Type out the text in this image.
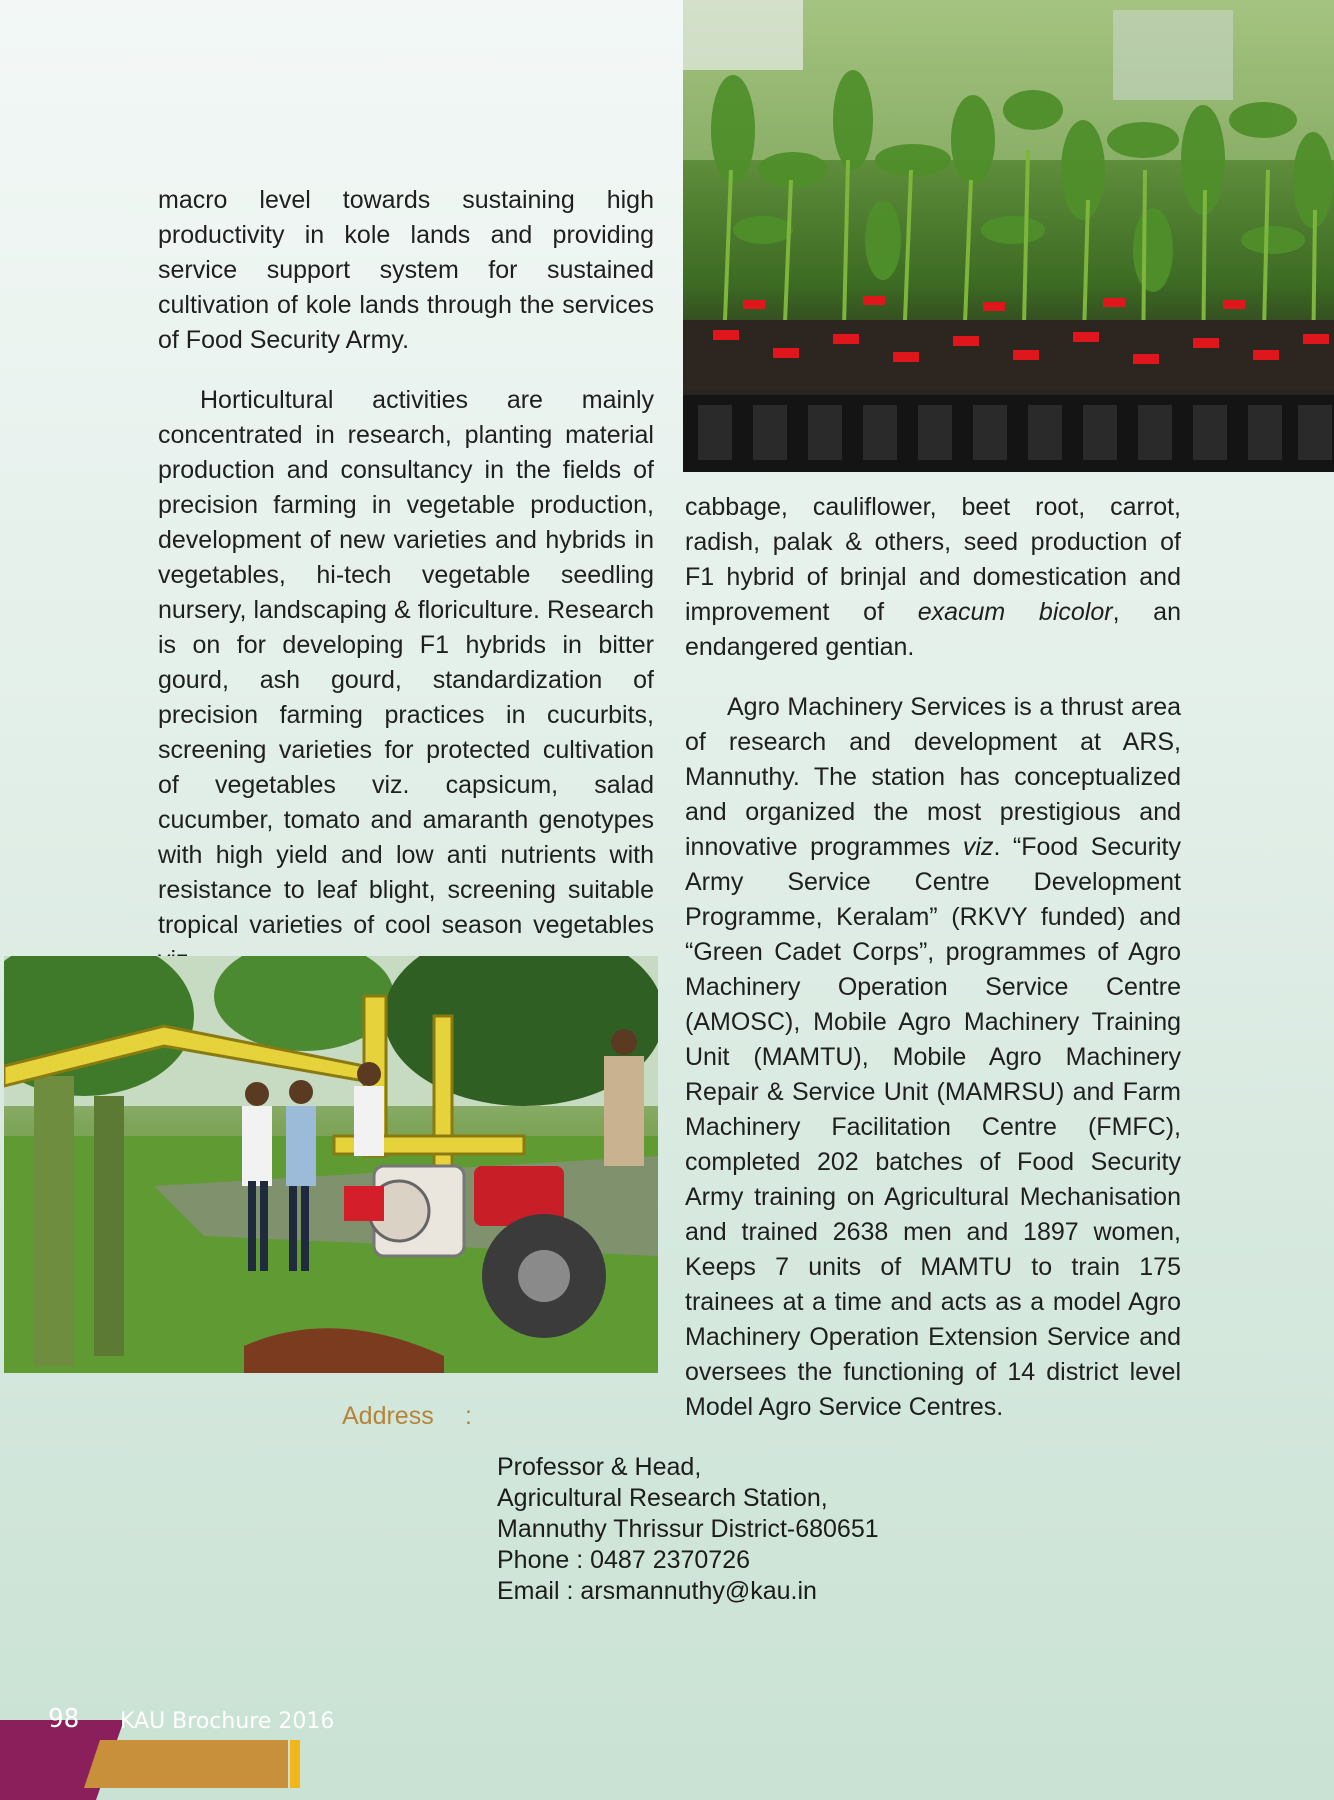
macro level towards sustaining high productivity in kole lands and providing service support system for sustained cultivation of kole lands through the services of Food Security Army.

Horticultural activities are mainly concentrated in research, planting material production and consultancy in the fields of precision farming in vegetable production, development of new varieties and hybrids in vegetables, hi-tech vegetable seedling nursery, landscaping & floriculture. Research is on for developing F1 hybrids in bitter gourd, ash gourd, standardization of precision farming practices in cucurbits, screening varieties for protected cultivation of vegetables viz. capsicum, salad cucumber, tomato and amaranth genotypes with high yield and low anti nutrients with resistance to leaf blight, screening suitable tropical varieties of cool season vegetables

cabbage, cauliflower, beet root, carrot, radish, palak & others, seed production of F1 hybrid of brinjal and domestication and improvement of exacum bicolor, an endangered gentian.

Agro Machinery Services is a thrust area of research and development at ARS, Mannuthy. The station has conceptualized and organized the most prestigious and innovative programmes viz. “Food Security Army Service Centre Development Programme, Keralam” (RKVY funded) and “Green Cadet Corps”, programmes of Agro Machinery Operation Service Centre (AMOSC), Mobile Agro Machinery Training Unit (MAMTU), Mobile Agro Machinery Repair & Service Unit (MAMRSU) and Farm Machinery Facilitation Centre (FMFC), completed 202 batches of Food Security Army training on Agricultural Mechanisation and trained 2638 men and 1897 women, Keeps 7 units of MAMTU to train 175 trainees at a time and acts as a model Agro Machinery Operation Extension Service and oversees the functioning of 14 district level Model Agro Service Centres.

Address :
Professor & Head,
Agricultural Research Station,
Mannuthy Thrissur District-680651
Phone : 0487 2370726
Email : arsmannuthy@kau.in
98 KAU Brochure 2016
